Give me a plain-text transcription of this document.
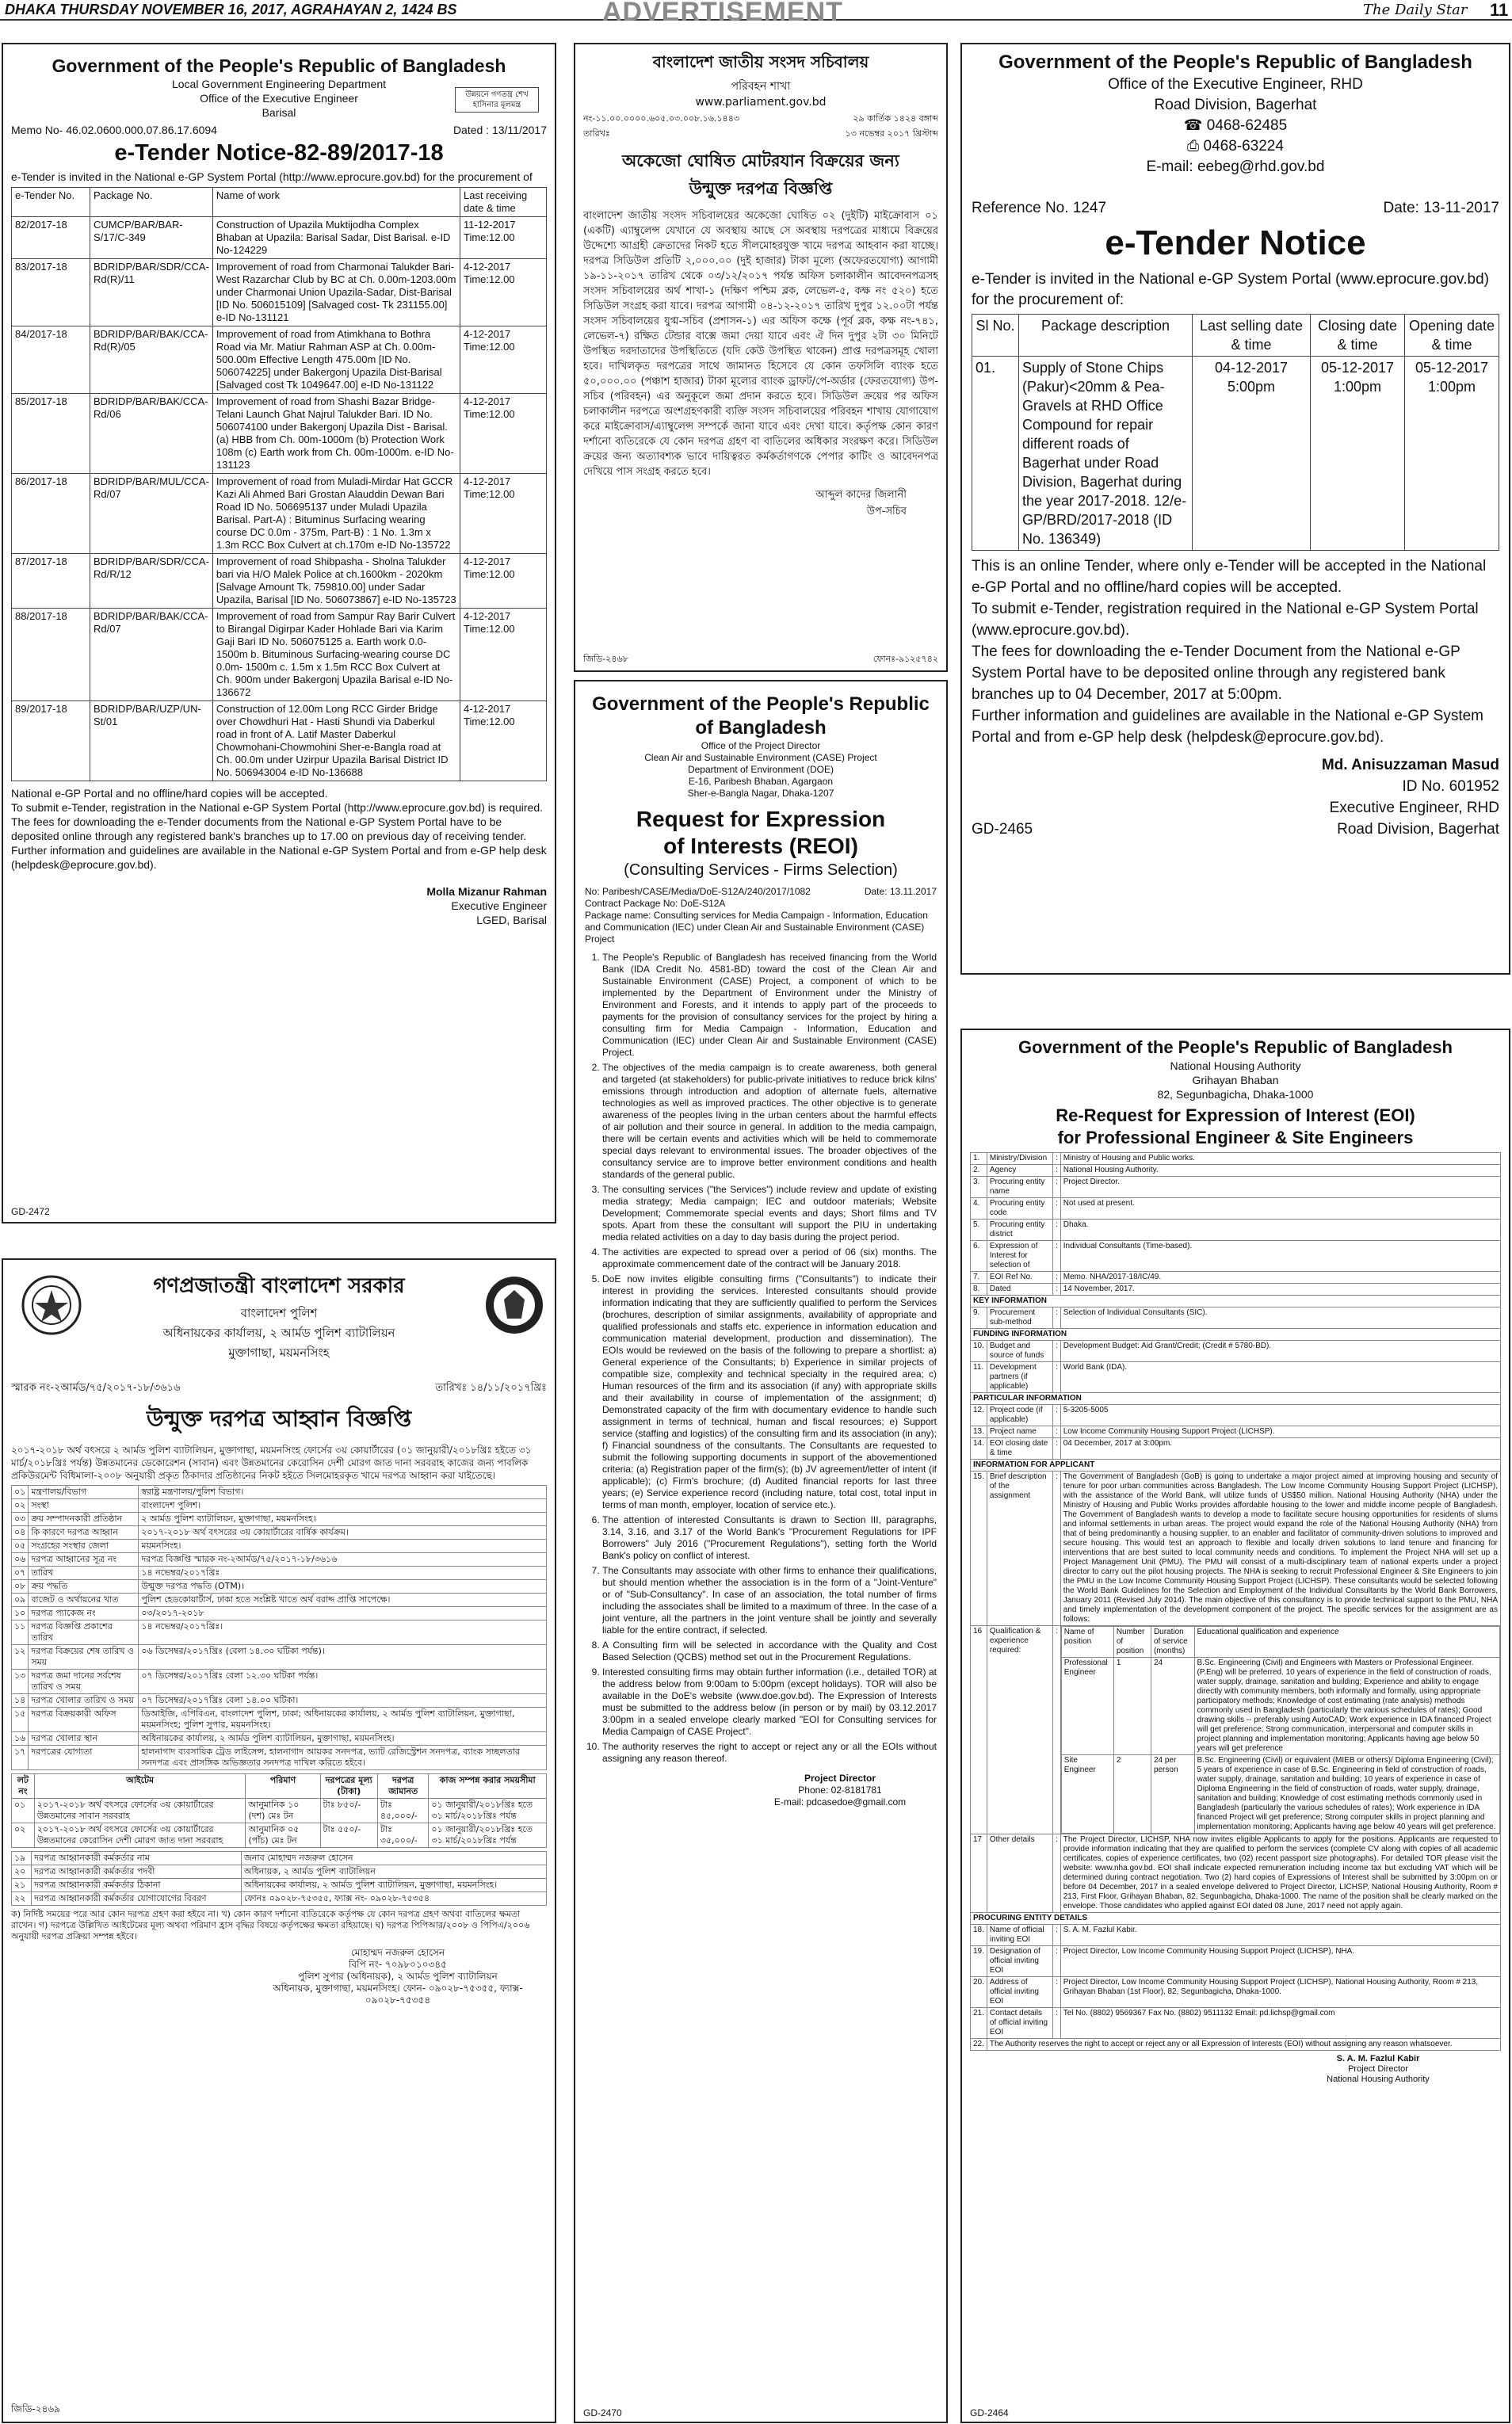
DHAKA THURSDAY NOVEMBER 16, 2017, AGRAHAYAN 2, 1424 BS	ADVERTISEMENT	The Daily Star 11
Government of the People's Republic of Bangladesh

Local Government Engineering Department

Office of the Executive Engineer

Barisal

উন্নয়নে গণতন্ত্র শেখ হাসিনার মূলমন্ত্র
Memo No- 46.02.0600.000.07.86.17.6094	Dated : 13/11/2017
e-Tender Notice-82-89/2017-18

e-Tender is invited in the National e-GP System Portal (http://www.eprocure.gov.bd) for the procurement of

e-Tender No.	Package No.	Name of work	Last receiving date & time
82/2017-18	CUMCP/BAR/BAR-S/17/C-349	Construction of Upazila Muktijodha Complex Bhaban at Upazila: Barisal Sadar, Dist Barisal. e-ID No-124229	11-12-2017 Time:12.00
83/2017-18	BDRIDP/BAR/SDR/CCA-Rd(R)/11	Improvement of road from Charmonai Talukder Bari-West Razarchar Club by BC at Ch. 0.00m-1203.00m under Charmonai Union Upazila-Sadar, Dist-Barisal [ID No. 506015109] [Salvaged cost- Tk 231155.00] e-ID No-131121	4-12-2017 Time:12.00
84/2017-18	BDRIDP/BAR/BAK/CCA-Rd(R)/05	Improvement of road from Atimkhana to Bothra Road via Mr. Matiur Rahman ASP at Ch. 0.00m-500.00m Effective Length 475.00m [ID No. 506074225] under Bakergonj Upazila Dist-Barisal [Salvaged cost Tk 1049647.00] e-ID No-131122	4-12-2017 Time:12.00
85/2017-18	BDRIDP/BAR/BAK/CCA-Rd/06	Improvement of road from Shashi Bazar Bridge-Telani Launch Ghat Najrul Talukder Bari. ID No. 506074100 under Bakergonj Upazila Dist - Barisal. (a) HBB from Ch. 00m-1000m (b) Protection Work 108m (c) Earth work from Ch. 00m-1000m. e-ID No-131123	4-12-2017 Time:12.00
86/2017-18	BDRIDP/BAR/MUL/CCA-Rd/07	Improvement of road from Muladi-Mirdar Hat GCCR Kazi Ali Ahmed Bari Grostan Alauddin Dewan Bari Road ID No. 506695137 under Muladi Upazila Barisal. Part-A) : Bituminus Surfacing wearing course DC 0.0m - 375m, Part-B) : 1 No. 1.3m x 1.3m RCC Box Culvert at ch.170m e-ID No-135722	4-12-2017 Time:12.00
87/2017-18	BDRIDP/BAR/SDR/CCA-Rd/R/12	Improvement of road Shibpasha - Sholna Talukder bari via H/O Malek Police at ch.1600km - 2020km [Salvage Amount Tk. 759810.00] under Sadar Upazila, Barisal [ID No. 506073867] e-ID No-135723	4-12-2017 Time:12.00
88/2017-18	BDRIDP/BAR/BAK/CCA- Rd/07	Improvement of road from Sampur Ray Barir Culvert to Birangal Digirpar Kader Hohlade Bari via Karim Gaji Bari ID No. 506075125 a. Earth work 0.0-1500m b. Bituminous Surfacing-wearing course DC 0.0m- 1500m c. 1.5m x 1.5m RCC Box Culvert at Ch. 900m under Bakergonj Upazila Barisal e-ID No-136672	4-12-2017 Time:12.00
89/2017-18	BDRIDP/BAR/UZP/UN-St/01	Construction of 12.00m Long RCC Girder Bridge over Chowdhuri Hat - Hasti Shundi via Daberkul road in front of A. Latif Master Daberkul Chowmohani-Chowmohini Sher-e-Bangla road at Ch. 00.0m under Uzirpur Upazila Barisal District ID No. 506943004 e-ID No-136688	4-12-2017 Time:12.00

National e-GP Portal and no offline/hard copies will be accepted.

To submit e-Tender, registration in the National e-GP System Portal (http://www.eprocure.gov.bd) is required.

The fees for downloading the e-Tender documents from the National e-GP System Portal have to be deposited online through any registered bank's branches up to 17.00 on previous day of receiving tender.

Further information and guidelines are available in the National e-GP System Portal and from e-GP help desk (helpdesk@eprocure.gov.bd).

Molla Mizanur Rahman

Executive Engineer

LGED, Barisal

GD-2472

গণপ্রজাতন্ত্রী বাংলাদেশ সরকার

বাংলাদেশ পুলিশ

অধিনায়কের কার্যালয়, ২ আর্মড পুলিশ ব্যাটালিয়ন

মুক্তাগাছা, ময়মনসিংহ

স্মারক নং-২আর্মড/৭৫/২০১৭-১৮/৩৬১৬	তারিখঃ ১৪/১১/২০১৭খ্রিঃ
উন্মুক্ত দরপত্র আহ্বান বিজ্ঞপ্তি

২০১৭-২০১৮ অর্থ বৎসরে ২ আর্মড পুলিশ ব্যাটালিয়ন, মুক্তাগাছা, ময়মনসিংহ ফোর্সের ৩য় কোয়ার্টারের (০১ জানুয়ারী/২০১৮খ্রিঃ হইতে ৩১ মার্চ/২০১৮খ্রিঃ পর্যন্ত) উন্নতমানের ডেকোরেশন (সাবান) এবং উন্নতমানের কেরোসিন দেশী মোরগ জাত দানা সরবরাহ কাজের জন্য পাবলিক প্রকিউরমেন্ট বিধিমালা-২০০৮ অনুযায়ী প্রকৃত ঠিকাদার প্রতিষ্ঠানের নিকট হইতে সিলমোহরকৃত খামে দরপত্র আহ্বান করা যাইতেছে।

০১	মন্ত্রণালয়/বিভাগ	স্বরাষ্ট্র মন্ত্রণালয়/পুলিশ বিভাগ।
০২	সংস্থা	বাংলাদেশ পুলিশ।
০৩	ক্রয় সম্পাদনকারী প্রতিষ্ঠান	২ আর্মড পুলিশ ব্যাটালিয়ন, মুক্তাগাছা, ময়মনসিংহ।
০৪	কি কারণে দরপত্র আহ্বান	২০১৭-২০১৮ অর্থ বৎসরের ৩য় কোয়ার্টারের বার্ষিক কার্যক্রম।
০৫	সংগ্রহের সংস্থার জেলা	ময়মনসিংহ।
০৬	দরপত্র আহ্বানের সূত্র নং	দরপত্র বিজ্ঞপ্তি স্মারক নং-২আর্মড/৭৫/২০১৭-১৮/৩৬১৬
০৭	তারিখ	১৪ নভেম্বর/২০১৭খ্রিঃ
০৮	ক্রয় পদ্ধতি	উন্মুক্ত দরপত্র পদ্ধতি (OTM)।
০৯	বাজেট ও অর্থায়নের খাত	পুলিশ হেডকোয়ার্টার্স, ঢাকা হতে সংশ্লিষ্ট খাতে অর্থ বরাদ্দ প্রাপ্তি সাপেক্ষে।
১০	দরপত্র প্যাকেজ নং	০৩/২০১৭-২০১৮
১১	দরপত্র বিজ্ঞপ্তি প্রকাশের তারিখ	১৪ নভেম্বর/২০১৭খ্রিঃ।
১২	দরপত্র বিক্রয়ের শেষ তারিখ ও সময়	০৬ ডিসেম্বর/২০১৭খ্রিঃ (বেলা ১৪.৩০ ঘটিকা পর্যন্ত)।
১৩	দরপত্র জমা দানের সর্বশেষ তারিখ ও সময়	০৭ ডিসেম্বর/২০১৭খ্রিঃ বেলা ১২.৩০ ঘটিকা পর্যন্ত।
১৪	দরপত্র খোলার তারিখ ও সময়	০৭ ডিসেম্বর/২০১৭খ্রিঃ বেলা ১৪.০০ ঘটিকা।
১৫	দরপত্র বিক্রয়কারী অফিস	ডিআইজি, এপিবিএন, বাংলাদেশ পুলিশ, ঢাকা; অধিনায়কের কার্যালয়, ২ আর্মড পুলিশ ব্যাটালিয়ন, মুক্তাগাছা, ময়মনসিংহ; পুলিশ সুপার, ময়মনসিংহ।
১৬	দরপত্র খোলার স্থান	অধিনায়কের কার্যালয়, ২ আর্মড পুলিশ ব্যাটালিয়ন, মুক্তাগাছা, ময়মনসিংহ।
১৭	দরপত্রের যোগ্যতা	হালনাগাদ ব্যবসায়িক ট্রেড লাইসেন্স, হালনাগাদ আয়কর সনদপত্র, ভ্যাট রেজিস্ট্রেশন সনদপত্র, ব্যাংক সচ্ছলতার সনদপত্র এবং প্রাসঙ্গিক অভিজ্ঞতার সনদপত্র দাখিল করিতে হইবে।
লট নং	আইটেম	পরিমাণ	দরপত্রের মূল্য (টাকা)	দরপত্র জামানত	কাজ সম্পন্ন করার সময়সীমা
০১	২০১৭-২০১৮ অর্থ বৎসরে ফোর্সের ৩য় কোয়ার্টারের উন্নতমানের সাবান সরবরাহ	আনুমানিক ১০ (দশ) মেঃ টন	টাঃ ৮৫০/-	টাঃ ৪৫,০০০/-	০১ জানুয়ারী/২০১৮খ্রিঃ হতে ৩১ মার্চ/২০১৮খ্রিঃ পর্যন্ত
০২	২০১৭-২০১৮ অর্থ বৎসরে ফোর্সের ৩য় কোয়ার্টারের উন্নতমানের কেরোসিন দেশী মোরগ জাত দানা সরবরাহ	আনুমানিক ০৫ (পাঁচ) মেঃ টন	টাঃ ৫৫০/-	টাঃ ৩৫,০০০/-	০১ জানুয়ারী/২০১৮খ্রিঃ হতে ৩১ মার্চ/২০১৮খ্রিঃ পর্যন্ত
১৯	দরপত্র আহ্বানকারী কর্মকর্তার নাম	জনাব মোহাম্মদ নজরুল হোসেন
২০	দরপত্র আহ্বানকারী কর্মকর্তার পদবী	অধিনায়ক, ২ আর্মড পুলিশ ব্যাটালিয়ন
২১	দরপত্র আহ্বানকারী কর্মকর্তার ঠিকানা	অধিনায়কের কার্যালয়, ২ আর্মড পুলিশ ব্যাটালিয়ন, মুক্তাগাছা, ময়মনসিংহ।
২২	দরপত্র আহ্বানকারী কর্মকর্তার যোগাযোগের বিবরণ	ফোনঃ ০৯০২৮-৭৫৩৫৫, ফ্যাক্স নং- ০৯০২৮-৭৫৩৫৪

ক) নির্দিষ্ট সময়ের পরে আর কোন দরপত্র গ্রহণ করা হইবে না। খ) কোন কারণ দর্শানো ব্যতিরেকে কর্তৃপক্ষ যে কোন দরপত্র গ্রহণ অথবা বাতিলের ক্ষমতা রাখেন। গ) দরপত্রে উল্লিখিত আইটেমের মূল্য অথবা পরিমাণ হ্রাস বৃদ্ধির বিষয়ে কর্তৃপক্ষের ক্ষমতা রহিয়াছে। ঘ) দরপত্র পিপিআর/২০০৮ ও পিপিএ/২০০৬ অনুযায়ী দরপত্র প্রক্রিয়া সম্পন্ন হইবে।

মোহাম্মদ নজরুল হোসেন

বিপি নং- ৭০৯৮০১০৩৪৫

পুলিশ সুপার (অধিনায়ক), ২ আর্মড পুলিশ ব্যাটালিয়ন

অধিনায়ক, মুক্তাগাছা, ময়মনসিংহ। ফোন- ০৯০২৮-৭৫৩৫৫, ফ্যাক্স- ০৯০২৮-৭৫৩৫৪

জিডি-২৪৬৯

বাংলাদেশ জাতীয় সংসদ সচিবালয়

পরিবহন শাখা

www.parliament.gov.bd

নং-১১.০০.০০০০.৬০৫.০৩.০০৮.১৬.১৪৪৩	২৯ কার্তিক ১৪২৪ বঙ্গাব্দ
তারিখঃ	১৩ নভেম্বর ২০১৭ খ্রিস্টাব্দ
অকেজো ঘোষিত মোটরযান বিক্রয়ের জন্য
উন্মুক্ত দরপত্র বিজ্ঞপ্তি

বাংলাদেশ জাতীয় সংসদ সচিবালয়ের অকেজো ঘোষিত ০২ (দুইটি) মাইক্রোবাস ০১ (একটি) এ্যাম্বুলেন্স যেখানে যে অবস্থায় আছে সে অবস্থায় দরপত্রের মাধ্যমে বিক্রয়ের উদ্দেশ্যে আগ্রহী ক্রেতাদের নিকট হতে সীলমোহরযুক্ত খামে দরপত্র আহবান করা যাচ্ছে। দরপত্র সিডিউল প্রতিটি ২,০০০.০০ (দুই হাজার) টাকা মূল্যে (অফেরতযোগ্য) আগামী ১৯-১১-২০১৭ তারিখ থেকে ০৩/১২/২০১৭ পর্যন্ত অফিস চলাকালীন আবেদনপত্রসহ সংসদ সচিবালয়ের অর্থ শাখা-১ (দক্ষিণ পশ্চিম ব্লক, লেভেল-৫, কক্ষ নং ৫২০) হতে সিডিউল সংগ্রহ করা যাবে। দরপত্র আগামী ০৪-১২-২০১৭ তারিখ দুপুর ১২.০০টা পর্যন্ত সংসদ সচিবালয়ের যুগ্ম-সচিব (প্রশাসন-১) এর অফিস কক্ষে (পূর্ব ব্লক, কক্ষ নং-৭৪১, লেভেল-৭) রক্ষিত টেন্ডার বাক্সে জমা দেয়া যাবে এবং ঐ দিন দুপুর ২টা ৩০ মিনিটে উপস্থিত দরদাতাদের উপস্থিতিতে (যদি কেউ উপস্থিত থাকেন) প্রাপ্ত দরপত্রসমূহ খোলা হবে। দাখিলকৃত দরপত্রের সাথে জামানত হিসেবে যে কোন তফসিলি ব্যাংক হতে ৫০,০০০.০০ (পঞ্চাশ হাজার) টাকা মূল্যের ব্যাংক ড্রাফট/পে-অর্ডার (ফেরতযোগ্য) উপ-সচিব (পরিবহন) এর অনুকূলে জমা প্রদান করতে হবে। সিডিউল ক্রয়ের পর অফিস চলাকালীন দরপত্রে অংশগ্রহণকারী ব্যক্তি সংসদ সচিবালয়ের পরিবহন শাখায় যোগাযোগ করে মাইক্রোবাস/এ্যাম্বুলেন্স সম্পর্কে জানা যাবে এবং দেখা যাবে। কর্তৃপক্ষ কোন কারণ দর্শানো ব্যতিরেকে যে কোন দরপত্র গ্রহণ বা বাতিলের অধিকার সংরক্ষণ করে। সিডিউল ক্রয়ের জন্য অত্যাবশ্যক ভাবে দায়িত্বরত কর্মকর্তাগণকে পেপার কাটিং ও আবেদনপত্র দেখিয়ে পাস সংগ্রহ করতে হবে।

আব্দুল কাদের জিলানী

উপ-সচিব

জিডি-২৪৬৮	ফোনঃ-৯১২৫৭৪২
Government of the People's Republic of Bangladesh

Office of the Project Director

Clean Air and Sustainable Environment (CASE) Project

Department of Environment (DOE)

E-16, Paribesh Bhaban, Agargaon

Sher-e-Bangla Nagar, Dhaka-1207

Request for Expression
of Interests (REOI)

(Consulting Services - Firms Selection)

No: Paribesh/CASE/Media/DoE-S12A/240/2017/1082	Date: 13.11.2017

Contract Package No: DoE-S12A

Package name: Consulting services for Media Campaign - Information, Education and Communication (IEC) under Clean Air and Sustainable Environment (CASE) Project

1. The People's Republic of Bangladesh has received financing from the World Bank (IDA Credit No. 4581-BD) toward the cost of the Clean Air and Sustainable Environment (CASE) Project, a component of which to be implemented by the Department of Environment under the Ministry of Environment and Forests, and it intends to apply part of the proceeds to payments for the provision of consultancy services for the project by hiring a consulting firm for Media Campaign - Information, Education and Communication (IEC) under Clean Air and Sustainable Environment (CASE) Project.
2. The objectives of the media campaign is to create awareness, both general and targeted (at stakeholders) for public-private initiatives to reduce brick kilns' emissions through introduction and adoption of alternate fuels, alternative technologies as well as improved practices. The other objective is to generate awareness of the peoples living in the urban centers about the harmful effects of air pollution and their source in general. In addition to the media campaign, there will be certain events and activities which will be held to commemorate special days relevant to environmental issues. The broader objectives of the consultancy service are to improve better environment conditions and health standards of the general public.
3. The consulting services ("the Services") include review and update of existing media strategy; Media campaign; IEC and outdoor materials; Website Development; Commemorate special events and days; Short films and TV spots. Apart from these the consultant will support the PIU in undertaking media related activities on a day to day basis during the project period.
4. The activities are expected to spread over a period of 06 (six) months. The approximate commencement date of the contract will be January 2018.
5. DoE now invites eligible consulting firms ("Consultants") to indicate their interest in providing the services. Interested consultants should provide information indicating that they are sufficiently qualified to perform the Services (brochures, description of similar assignments, availability of appropriate and qualified professionals and staffs etc. experience in information education and communication material development, production and dissemination). The EOIs would be reviewed on the basis of the following to prepare a shortlist: a) General experience of the Consultants; b) Experience in similar projects of compatible size, complexity and technical specialty in the required area; c) Human resources of the firm and its association (if any) with appropriate skills and their availability in course of implementation of the assignment; d) Demonstrated capacity of the firm with documentary evidence to handle such assignment in terms of technical, human and fiscal resources; e) Support service (staffing and logistics) of the consulting firm and its association (in any); f) Financial soundness of the consultants. The Consultants are requested to submit the following supporting documents in support of the abovementioned criteria: (a) Registration paper of the firm(s); (b) JV agreement/letter of intent (if applicable); (c) Firm's brochure; (d) Audited financial reports for last three years; (e) Service experience record (including nature, total cost, total input in terms of man month, employer, location of service etc.).
6. The attention of interested Consultants is drawn to Section III, paragraphs, 3.14, 3.16, and 3.17 of the World Bank's "Procurement Regulations for IPF Borrowers" July 2016 ("Procurement Regulations"), setting forth the World Bank's policy on conflict of interest.
7. The Consultants may associate with other firms to enhance their qualifications, but should mention whether the association is in the form of a "Joint-Venture" or of "Sub-Consultancy". In case of an association, the total number of firms including the associates shall be limited to a maximum of three. In the case of a joint venture, all the partners in the joint venture shall be jointly and severally liable for the entire contract, if selected.
8. A Consulting firm will be selected in accordance with the Quality and Cost Based Selection (QCBS) method set out in the Procurement Regulations.
9. Interested consulting firms may obtain further information (i.e., detailed TOR) at the address below from 9:00am to 5:00pm (except holidays). TOR will also be available in the DoE's website (www.doe.gov.bd). The Expression of Interests must be submitted to the address below (in person or by mail) by 03.12.2017 3:00pm in a sealed envelope clearly marked "EOI for Consulting services for Media Campaign of CASE Project".
10. The authority reserves the right to accept or reject any or all the EOIs without assigning any reason thereof.

Project Director

Phone: 02-8181781

E-mail: pdcasedoe@gmail.com

GD-2470

Government of the People's Republic of Bangladesh

Office of the Executive Engineer, RHD

Road Division, Bagerhat

☎ 0468-62485

⎙ 0468-63224

E-mail: eebeg@rhd.gov.bd

Reference No. 1247	Date: 13-11-2017
e-Tender Notice

e-Tender is invited in the National e-GP System Portal (www.eprocure.gov.bd) for the procurement of:

Sl No.	Package description	Last selling date & time	Closing date & time	Opening date & time
01.	Supply of Stone Chips (Pakur)<20mm & Pea-Gravels at RHD Office Compound for repair different roads of Bagerhat under Road Division, Bagerhat during the year 2017-2018. 12/e-GP/BRD/2017-2018 (ID No. 136349)	04-12-2017 5:00pm	05-12-2017 1:00pm	05-12-2017 1:00pm

This is an online Tender, where only e-Tender will be accepted in the National e-GP Portal and no offline/hard copies will be accepted.

To submit e-Tender, registration required in the National e-GP System Portal (www.eprocure.gov.bd).

The fees for downloading the e-Tender Document from the National e-GP System Portal have to be deposited online through any registered bank branches up to 04 December, 2017 at 5:00pm.

Further information and guidelines are available in the National e-GP System Portal and from e-GP help desk (helpdesk@eprocure.gov.bd).

Md. Anisuzzaman Masud

ID No. 601952

Executive Engineer, RHD

GD-2465	Road Division, Bagerhat
Government of the People's Republic of Bangladesh

National Housing Authority

Grihayan Bhaban

82, Segunbagicha, Dhaka-1000

Re-Request for Expression of Interest (EOI)
for Professional Engineer & Site Engineers
1.	Ministry/Division	:	Ministry of Housing and Public works.
2.	Agency	:	National Housing Authority.
3.	Procuring entity name	:	Project Director.
4.	Procuring entity code	:	Not used at present.
5.	Procuring entity district	:	Dhaka.
6.	Expression of Interest for selection of	:	Individual Consultants (Time-based).
7.	EOI Ref No.	:	Memo. NHA/2017-18/IC/49.
8.	Dated	:	14 November, 2017.
KEY INFORMATION
9.	Procurement sub-method	:	Selection of Individual Consultants (SIC).
FUNDING INFORMATION
10.	Budget and source of funds	:	Development Budget: Aid Grant/Credit; (Credit # 5780-BD).
11.	Development partners (if applicable)	:	World Bank (IDA).
PARTICULAR INFORMATION
12.	Project code (if applicable)	:	5-3205-5005
13.	Project name	:	Low Income Community Housing Support Project (LICHSP).
14.	EOI closing date & time	:	04 December, 2017 at 3:00pm.
INFORMATION FOR APPLICANT
15.	Brief description of the assignment	:	The Government of Bangladesh (GoB) is going to undertake a major project aimed at improving housing and security of tenure for poor urban communities across Bangladesh. The Low Income Community Housing Support Project (LICHSP), with the assistance of the World Bank, will utilize funds of US$50 million. National Housing Authority (NHA) under the Ministry of Housing and Public Works provides affordable housing to the lower and middle income people of Bangladesh. The Government of Bangladesh wants to develop a mode to facilitate secure housing opportunities for residents of slums and informal settlements in urban areas. The project would expand the role of the National Housing Authority (NHA) from that of being predominantly a housing supplier, to an enabler and facilitator of community-driven solutions to improved and secure housing. This would test an approach to flexible and locally driven solutions to land tenure and financing for interventions that are best suited to local community needs and conditions. To implement the Project NHA will set up a Project Management Unit (PMU). The PMU will consist of a multi-disciplinary team of national experts under a project director to carry out the pilot housing projects. The NHA is seeking to recruit Professional Engineer & Site Engineers to join the PMU in the Low Income Community Housing Support Project (LICHSP). These consultants would be selected following the World Bank Guidelines for the Selection and Employment of the Individual Consultants by the World Bank Borrowers, January 2011 (Revised July 2014). The main objective of this consultancy is to provide technical support to the PMU, NHA and timely implementation of the development component of the project. The specific services for the assignment are as follows:
16	Qualification & experience required:	:	Name of position	Number of position	Duration of service (months)	Educational qualification and experience
Professional Engineer	1	24	B.Sc. Engineering (Civil) and Engineers with Masters or Professional Engineer. (P.Eng) will be preferred. 10 years of experience in the field of construction of roads, water supply, drainage, sanitation and building; Experience and ability to engage directly with community members, both informally and formally, using appropriate participatory methods; Knowledge of cost estimating (rate analysis) methods commonly used in Bangladesh (particularly the various schedules of rates); Good drawing skills -- preferably using AutoCAD; Work experience in IDA financed Project will get preference; Strong communication, interpersonal and computer skills in project planning and implementation monitoring; Applicants having age below 50 years will get preference
Site Engineer	2	24 per person	B.Sc. Engineering (Civil) or equivalent (MIEB or others)/ Diploma Engineering (Civil); 5 years of experience in case of B.Sc. Engineering in field of construction of roads, water supply, drainage, sanitation and building; 10 years of experience in case of Diploma Engineering in the field of construction of roads, water supply, drainage, sanitation and building; Knowledge of cost estimating methods commonly used in Bangladesh (particularly the various schedules of rates); Work experience in IDA financed Project will get preference; Strong computer skills in project planning and implementation monitoring; Applicants having age below 40 years will get preference.

17	Other details	:	The Project Director, LICHSP, NHA now invites eligible Applicants to apply for the positions. Applicants are requested to provide information indicating that they are qualified to perform the services (complete CV along with copies of all academic certificates, copies of experience certificates, two (02) recent passport size photographs). For detailed TOR please visit the website: www.nha.gov.bd. EOI shall indicate expected remuneration including income tax but excluding VAT which will be determined during contract negotiation. Two (2) hard copies of Expressions of Interest shall be submitted by 3:00pm on or before 04 December, 2017 in a sealed envelope delivered to Project Director, LICHSP, National Housing Authority, Room # 213, First Floor, Grihayan Bhaban, 82, Segunbagicha, Dhaka-1000. The name of the position shall be clearly marked on the envelope. Those candidates who applied against EOI dated 08 June, 2017 need not apply again.
PROCURING ENTITY DETAILS
18.	Name of official inviting EOI	:	S. A. M. Fazlul Kabir.
19.	Designation of official inviting EOI	:	Project Director, Low Income Community Housing Support Project (LICHSP), NHA.
20.	Address of official inviting EOI	:	Project Director, Low Income Community Housing Support Project (LICHSP), National Housing Authority, Room # 213, Grihayan Bhaban (1st Floor), 82, Segunbagicha, Dhaka-1000.
21.	Contact details of official inviting EOI	:	Tel No. (8802) 9569367 Fax No. (8802) 9511132 Email: pd.lichsp@gmail.com
22.	The Authority reserves the right to accept or reject any or all Expression of Interests (EOI) without assigning any reason whatsoever.

S. A. M. Fazlul Kabir

Project Director

National Housing Authority

GD-2464
